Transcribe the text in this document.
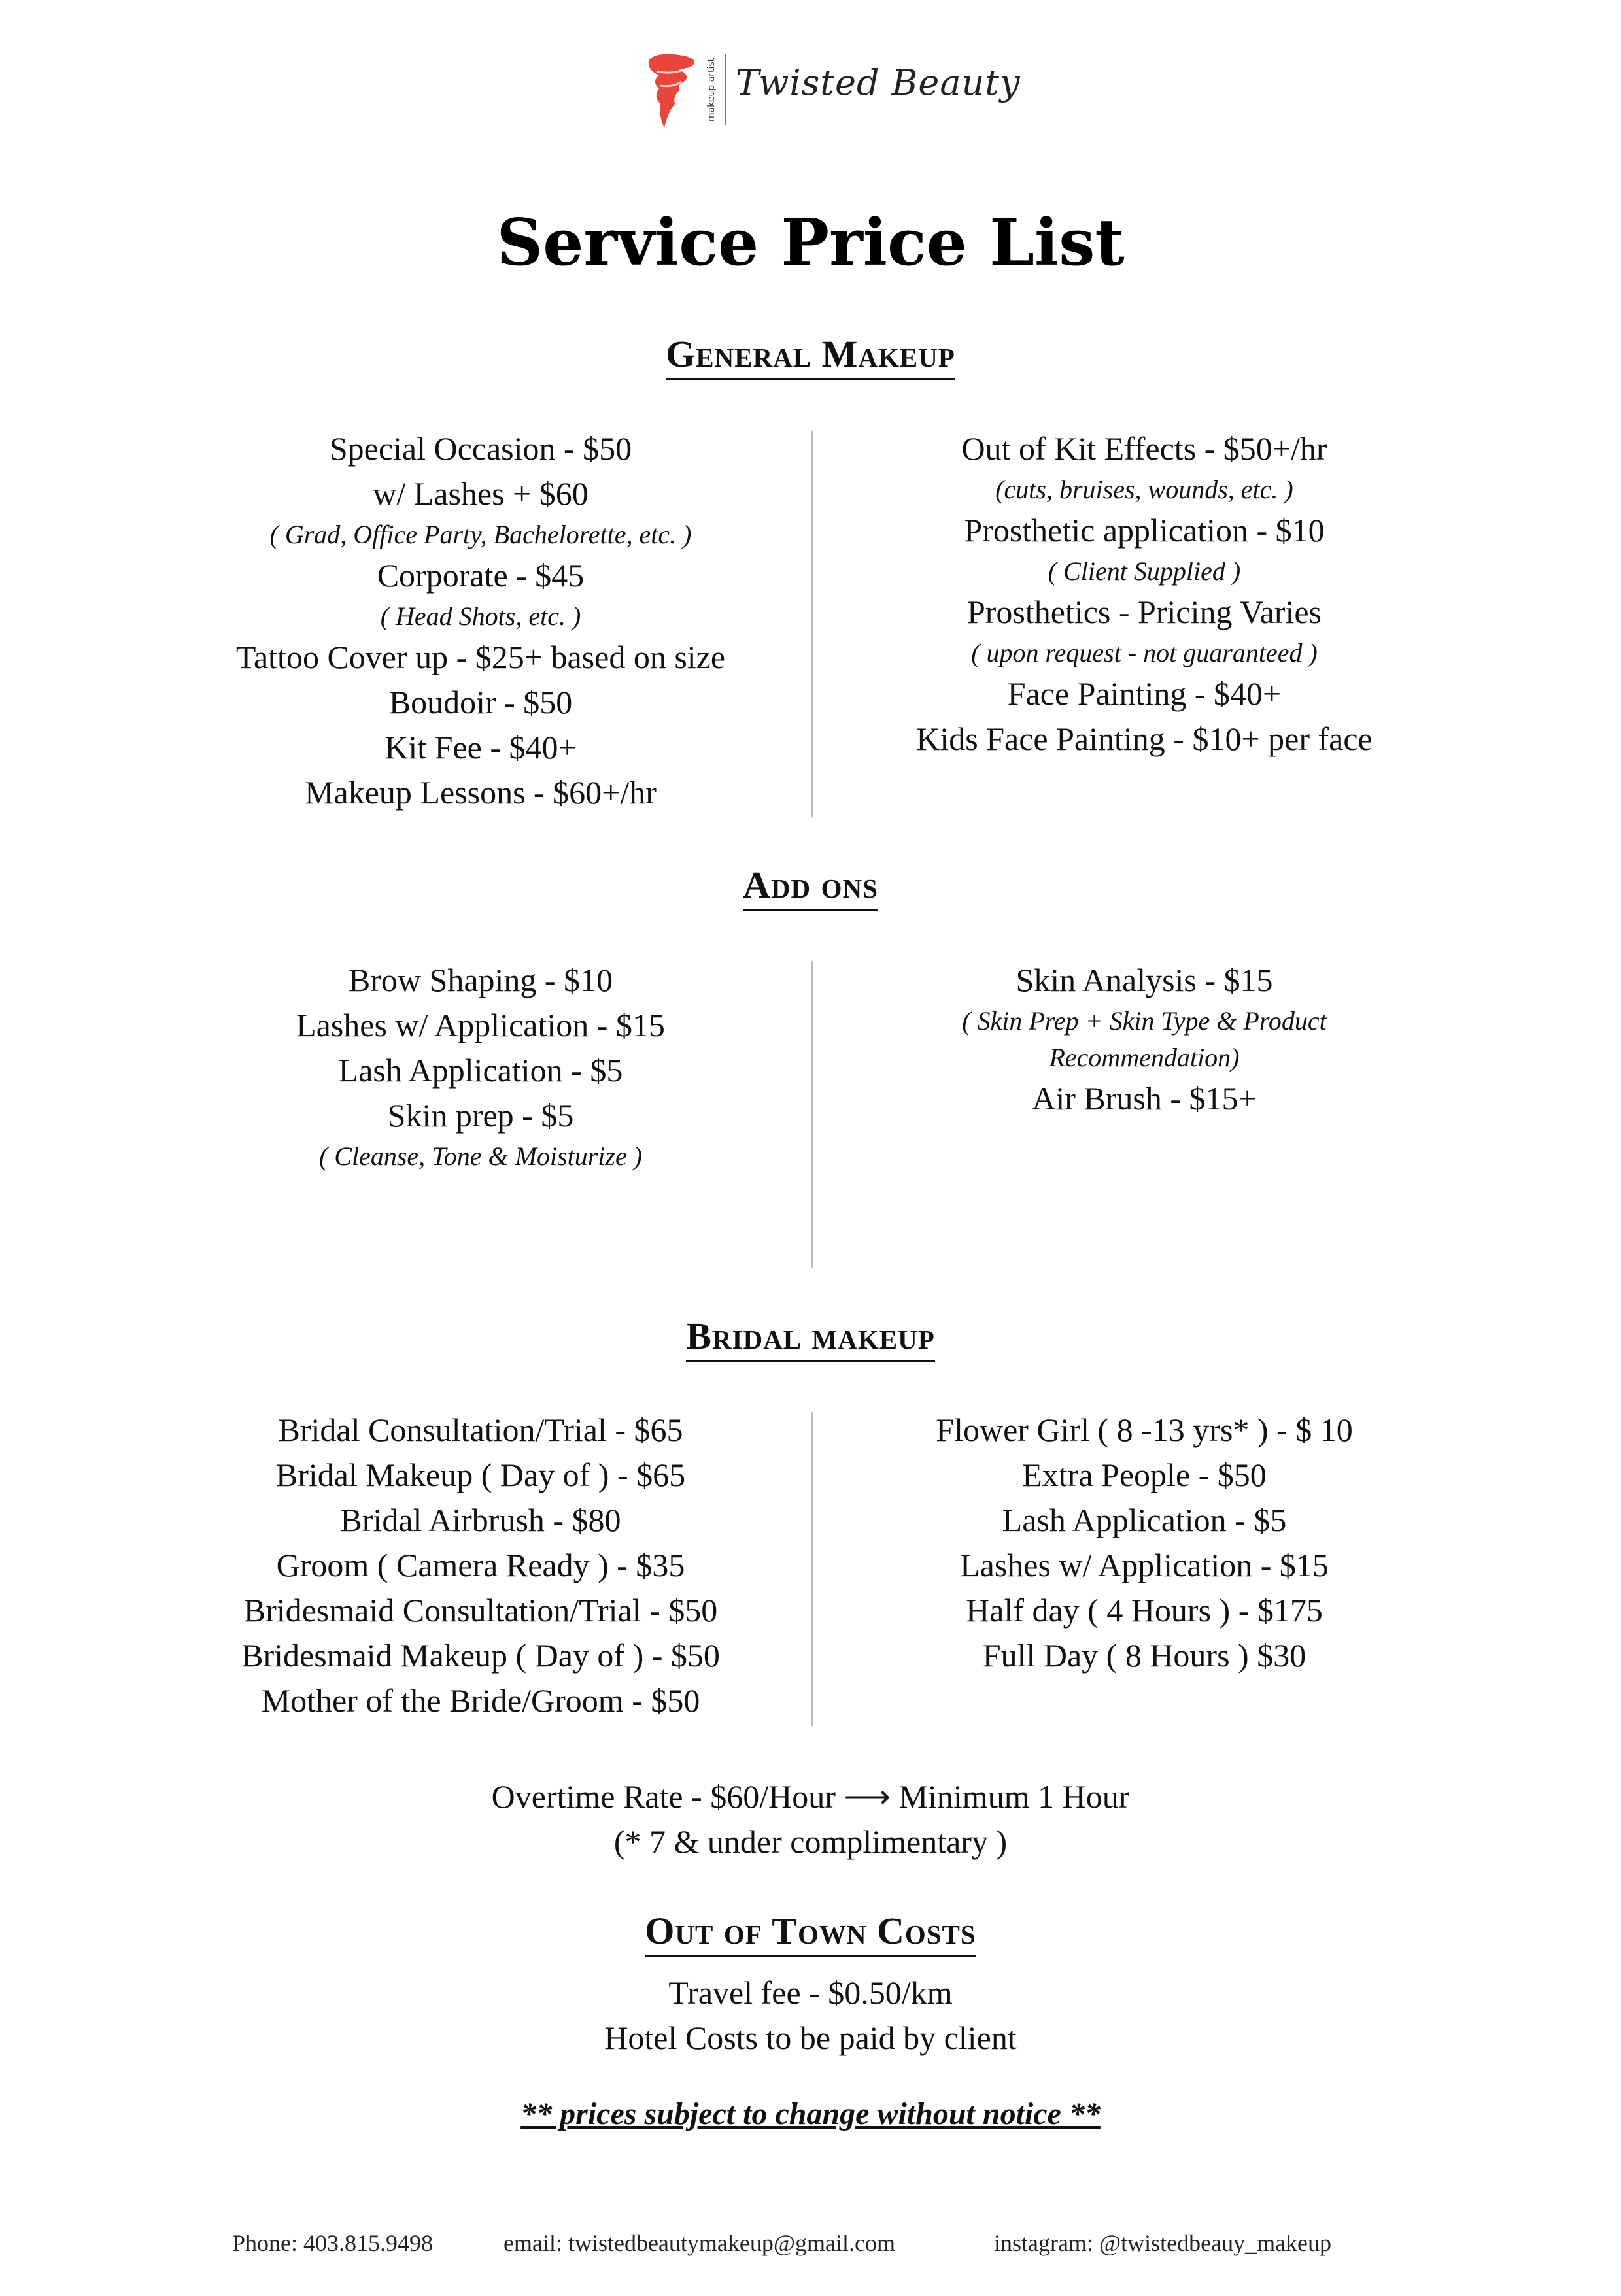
makeup artist Twisted Beauty
Service Price List
General Makeup
Special Occasion - $50
w/ Lashes + $60
( Grad, Office Party, Bachelorette, etc. )
Corporate - $45
( Head Shots, etc. )
Tattoo Cover up - $25+ based on size
Boudoir - $50
Kit Fee - $40+
Makeup Lessons - $60+/hr
Out of Kit Effects - $50+/hr
(cuts, bruises, wounds, etc. )
Prosthetic application - $10
( Client Supplied )
Prosthetics - Pricing Varies
( upon request - not guaranteed )
Face Painting - $40+
Kids Face Painting - $10+ per face
Add ons
Brow Shaping - $10
Lashes w/ Application - $15
Lash Application - $5
Skin prep - $5
( Cleanse, Tone & Moisturize )
Skin Analysis - $15
( Skin Prep + Skin Type & Product
Recommendation)
Air Brush - $15+
Bridal makeup
Bridal Consultation/Trial - $65
Bridal Makeup ( Day of ) - $65
Bridal Airbrush - $80
Groom ( Camera Ready ) - $35
Bridesmaid Consultation/Trial - $50
Bridesmaid Makeup ( Day of ) - $50
Mother of the Bride/Groom - $50
Flower Girl ( 8 -13 yrs* ) - $ 10
Extra People - $50
Lash Application - $5
Lashes w/ Application - $15
Half day ( 4 Hours ) - $175
Full Day ( 8 Hours ) $30
Overtime Rate - $60/Hour ⟶ Minimum 1 Hour
(* 7 & under complimentary )
Out of Town Costs
Travel fee - $0.50/km
Hotel Costs to be paid by client
** prices subject to change without notice **
Phone: 403.815.9498	email: twistedbeautymakeup@gmail.com	instagram: @twistedbeauy_makeup
